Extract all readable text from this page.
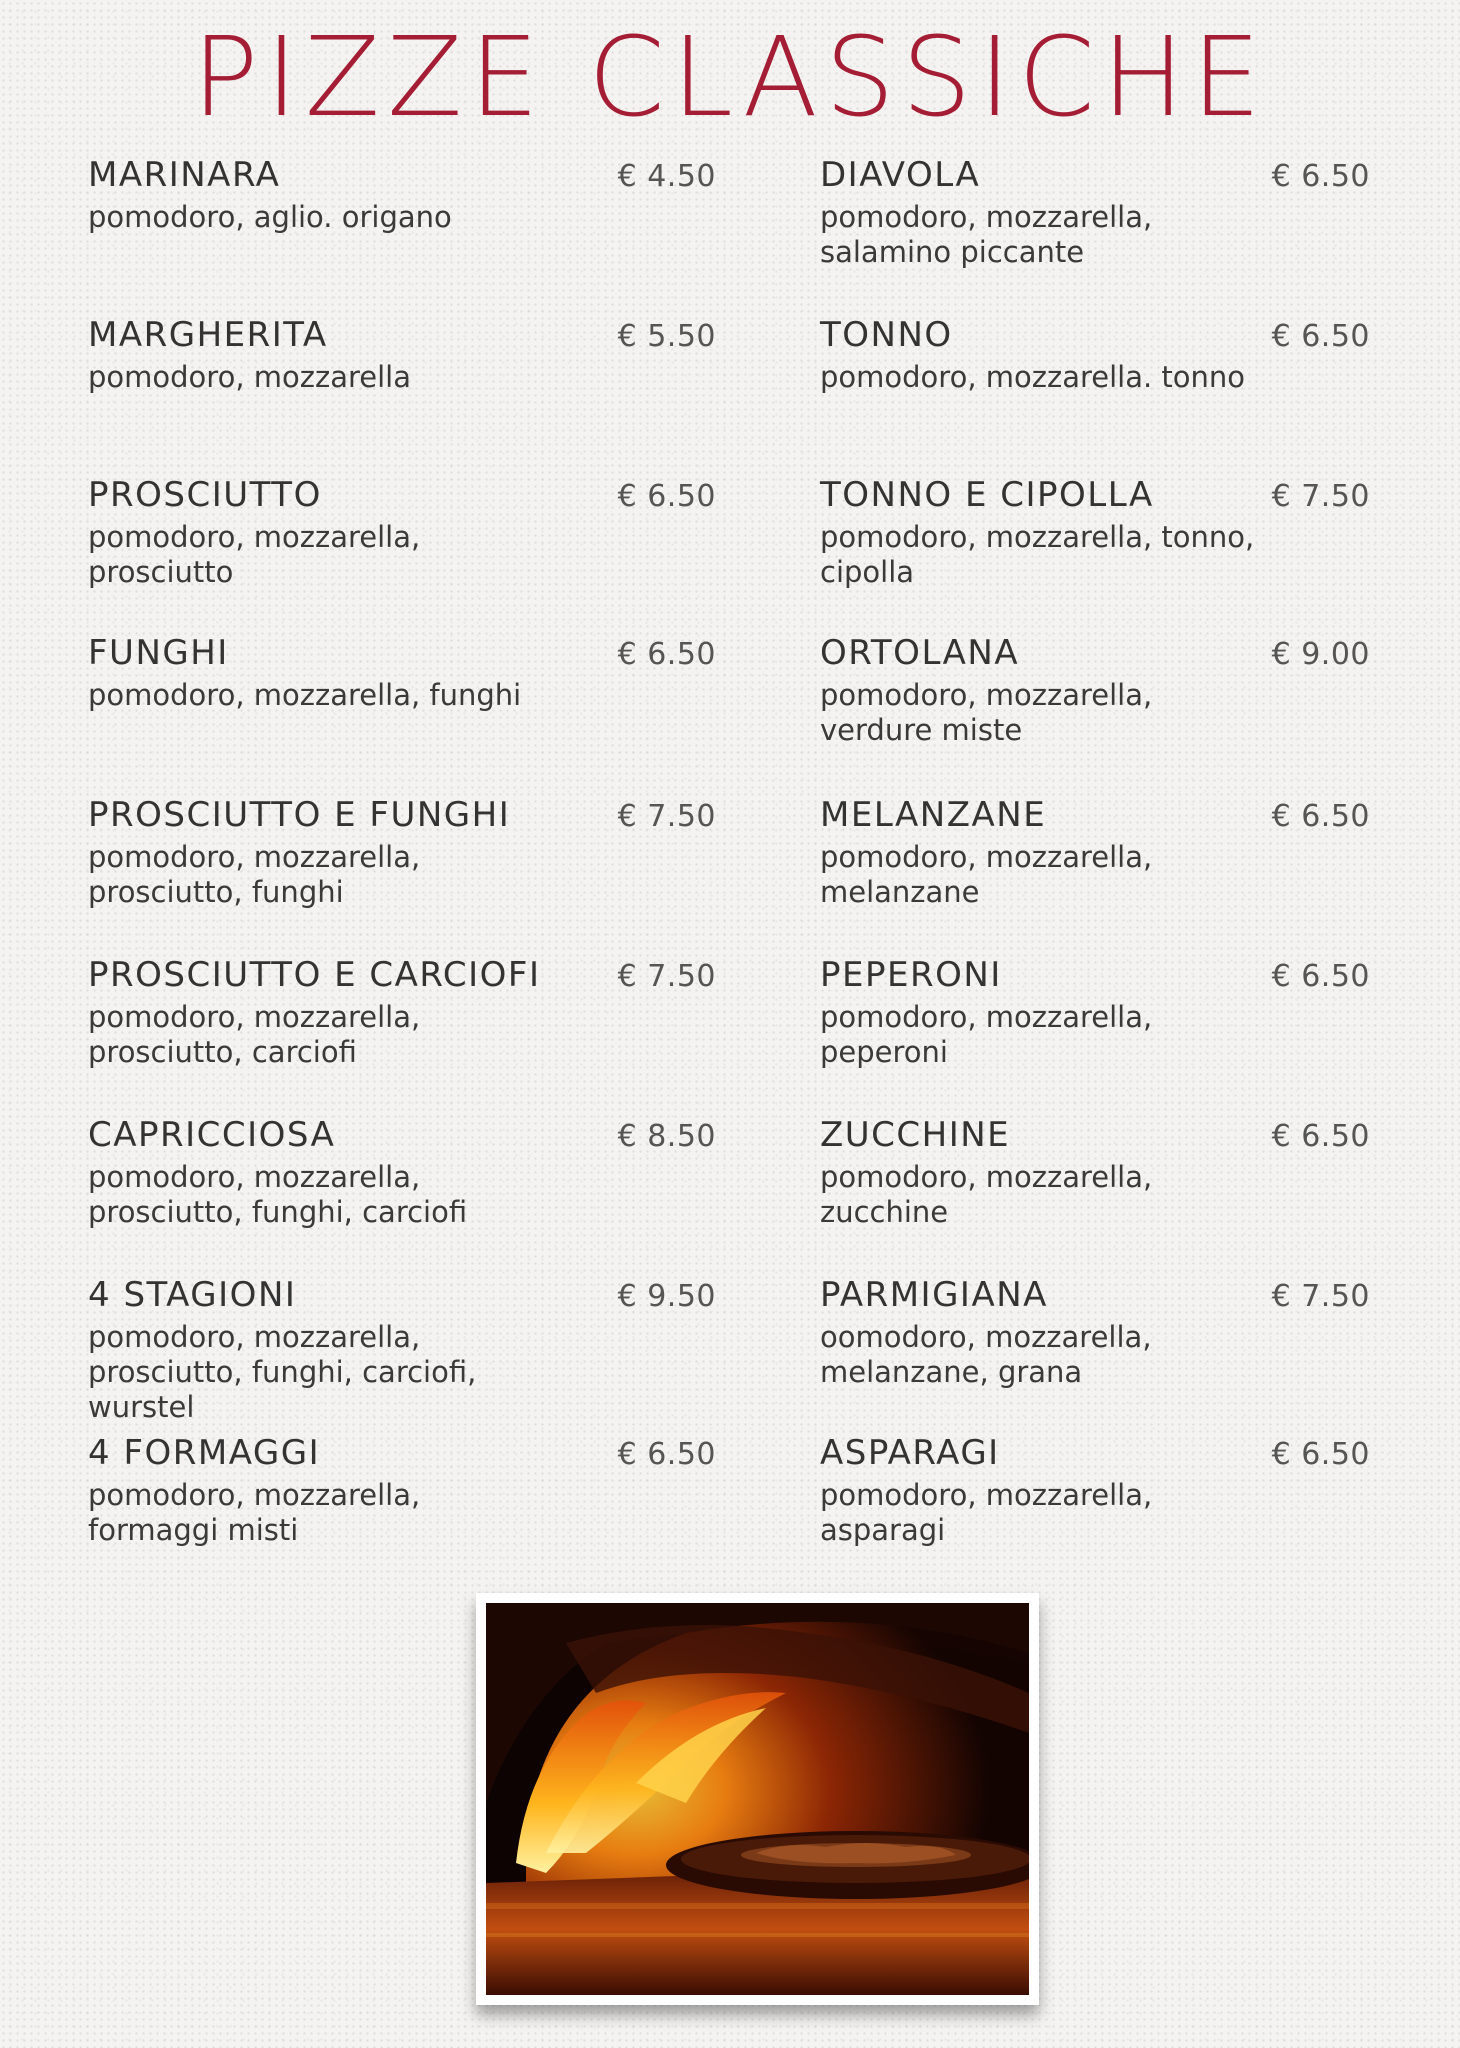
PIZZE CLASSICHE
MARINARA	€ 4.50
pomodoro, aglio. origano
MARGHERITA	€ 5.50
pomodoro, mozzarella
PROSCIUTTO	€ 6.50
pomodoro, mozzarella,
prosciutto
FUNGHI	€ 6.50
pomodoro, mozzarella, funghi
PROSCIUTTO E FUNGHI	€ 7.50
pomodoro, mozzarella,
prosciutto, funghi
PROSCIUTTO E CARCIOFI	€ 7.50
pomodoro, mozzarella,
prosciutto, carciofi
CAPRICCIOSA	€ 8.50
pomodoro, mozzarella,
prosciutto, funghi, carciofi
4 STAGIONI	€ 9.50
pomodoro, mozzarella,
prosciutto, funghi, carciofi,
wurstel
4 FORMAGGI	€ 6.50
pomodoro, mozzarella,
formaggi misti
DIAVOLA	€ 6.50
pomodoro, mozzarella,
salamino piccante
TONNO	€ 6.50
pomodoro, mozzarella. tonno
TONNO E CIPOLLA	€ 7.50
pomodoro, mozzarella, tonno,
cipolla
ORTOLANA	€ 9.00
pomodoro, mozzarella,
verdure miste
MELANZANE	€ 6.50
pomodoro, mozzarella,
melanzane
PEPERONI	€ 6.50
pomodoro, mozzarella,
peperoni
ZUCCHINE	€ 6.50
pomodoro, mozzarella,
zucchine
PARMIGIANA	€ 7.50
oomodoro, mozzarella,
melanzane, grana
ASPARAGI	€ 6.50
pomodoro, mozzarella,
asparagi
